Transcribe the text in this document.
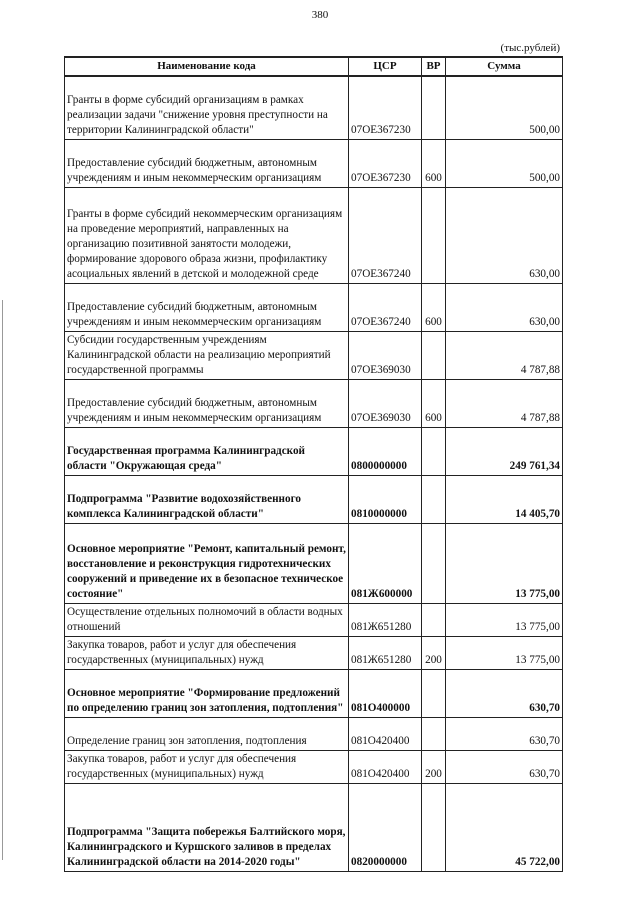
380
(тыс.рублей)
Наименование кода	ЦСР	ВР	Сумма
Гранты в форме субсидий организациям в рамках реализации задачи "снижение уровня преступности на территории Калининградской области"	07ОЕ367230		500,00
Предоставление субсидий бюджетным, автономным учреждениям и иным некоммерческим организациям	07ОЕ367230	600	500,00
Гранты в форме субсидий некоммерческим организациям на проведение мероприятий, направленных на организацию позитивной занятости молодежи, формирование здорового образа жизни, профилактику асоциальных явлений в детской и молодежной среде	07ОЕ367240		630,00
Предоставление субсидий бюджетным, автономным учреждениям и иным некоммерческим организациям	07ОЕ367240	600	630,00
Субсидии государственным учреждениям Калининградской области на реализацию мероприятий государственной программы	07ОЕ369030		4 787,88
Предоставление субсидий бюджетным, автономным учреждениям и иным некоммерческим организациям	07ОЕ369030	600	4 787,88
Государственная программа Калининградской области "Окружающая среда"	0800000000		249 761,34
Подпрограмма "Развитие водохозяйственного комплекса Калининградской области"	0810000000		14 405,70
Основное мероприятие "Ремонт, капитальный ремонт, восстановление и реконструкция гидротехнических сооружений и приведение их в безопасное техническое состояние"	081Ж600000		13 775,00
Осуществление отдельных полномочий в области водных отношений	081Ж651280		13 775,00
Закупка товаров, работ и услуг для обеспечения государственных (муниципальных) нужд	081Ж651280	200	13 775,00
Основное мероприятие "Формирование предложений по определению границ зон затопления, подтопления"	081О400000		630,70
Определение границ зон затопления, подтопления	081О420400		630,70
Закупка товаров, работ и услуг для обеспечения государственных (муниципальных) нужд	081О420400	200	630,70
Подпрограмма "Защита побережья Балтийского моря, Калининградского и Куршского заливов в пределах Калининградской области на 2014-2020 годы"	0820000000		45 722,00
